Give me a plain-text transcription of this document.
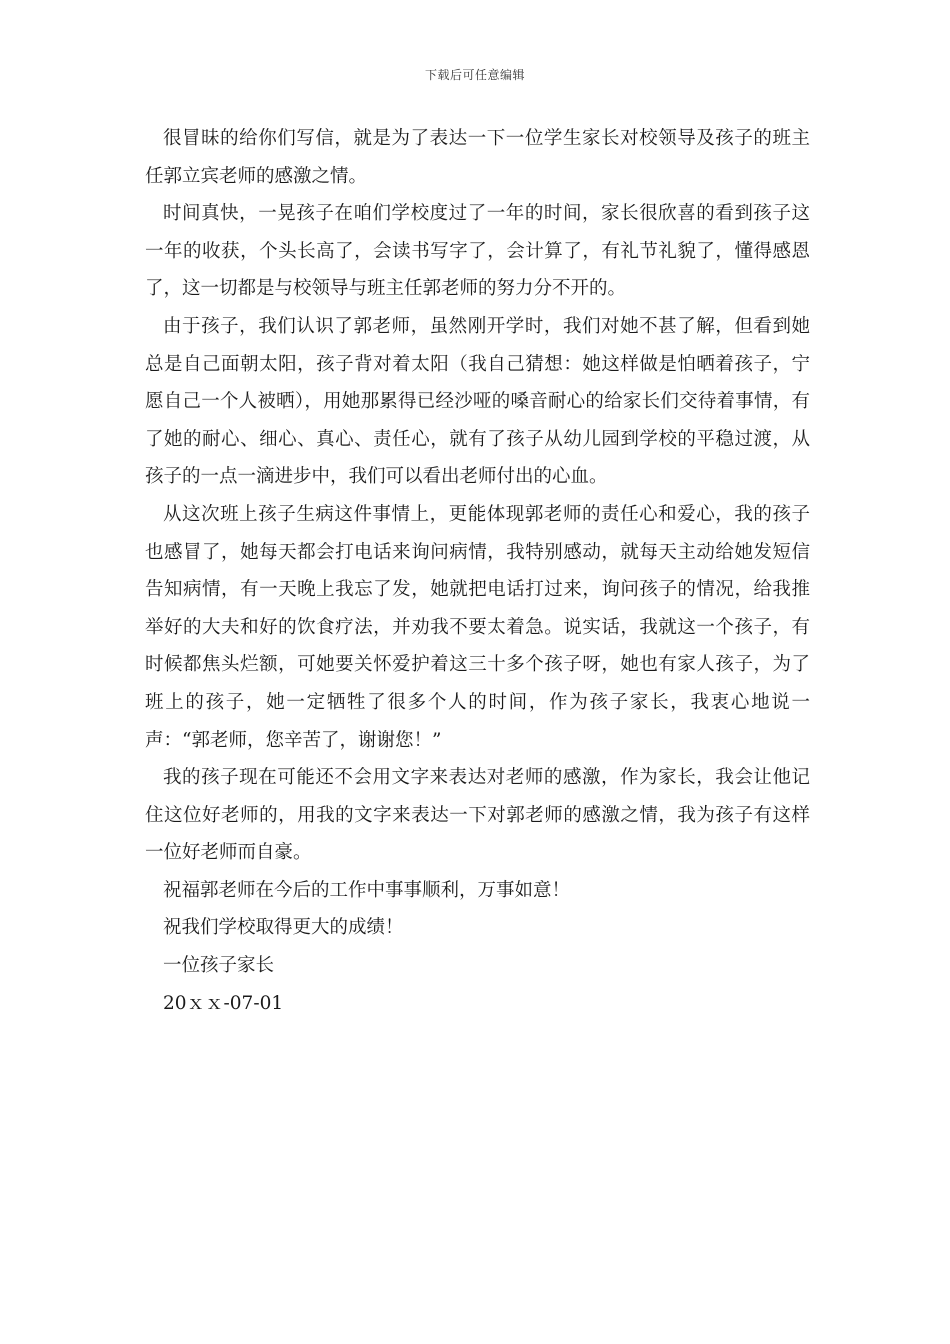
下载后可任意编辑

很冒昧的给你们写信，就是为了表达一下一位学生家长对校领导及孩子的班主任郭立宾老师的感激之情。

时间真快，一晃孩子在咱们学校度过了一年的时间，家长很欣喜的看到孩子这一年的收获，个头长高了，会读书写字了，会计算了，有礼节礼貌了，懂得感恩了，这一切都是与校领导与班主任郭老师的努力分不开的。

由于孩子，我们认识了郭老师，虽然刚开学时，我们对她不甚了解，但看到她总是自己面朝太阳，孩子背对着太阳（我自己猜想：她这样做是怕晒着孩子，宁愿自己一个人被晒），用她那累得已经沙哑的嗓音耐心的给家长们交待着事情，有了她的耐心、细心、真心、责任心，就有了孩子从幼儿园到学校的平稳过渡，从孩子的一点一滴进步中，我们可以看出老师付出的心血。

从这次班上孩子生病这件事情上，更能体现郭老师的责任心和爱心，我的孩子也感冒了，她每天都会打电话来询问病情，我特别感动，就每天主动给她发短信告知病情，有一天晚上我忘了发，她就把电话打过来，询问孩子的情况，给我推举好的大夫和好的饮食疗法，并劝我不要太着急。说实话，我就这一个孩子，有时候都焦头烂额，可她要关怀爱护着这三十多个孩子呀，她也有家人孩子，为了班上的孩子，她一定牺牲了很多个人的时间，作为孩子家长，我衷心地说一声：“郭老师，您辛苦了，谢谢您！”

我的孩子现在可能还不会用文字来表达对老师的感激，作为家长，我会让他记住这位好老师的，用我的文字来表达一下对郭老师的感激之情，我为孩子有这样一位好老师而自豪。

祝福郭老师在今后的工作中事事顺利，万事如意！

祝我们学校取得更大的成绩！

一位孩子家长

20ｘｘ-07-01
